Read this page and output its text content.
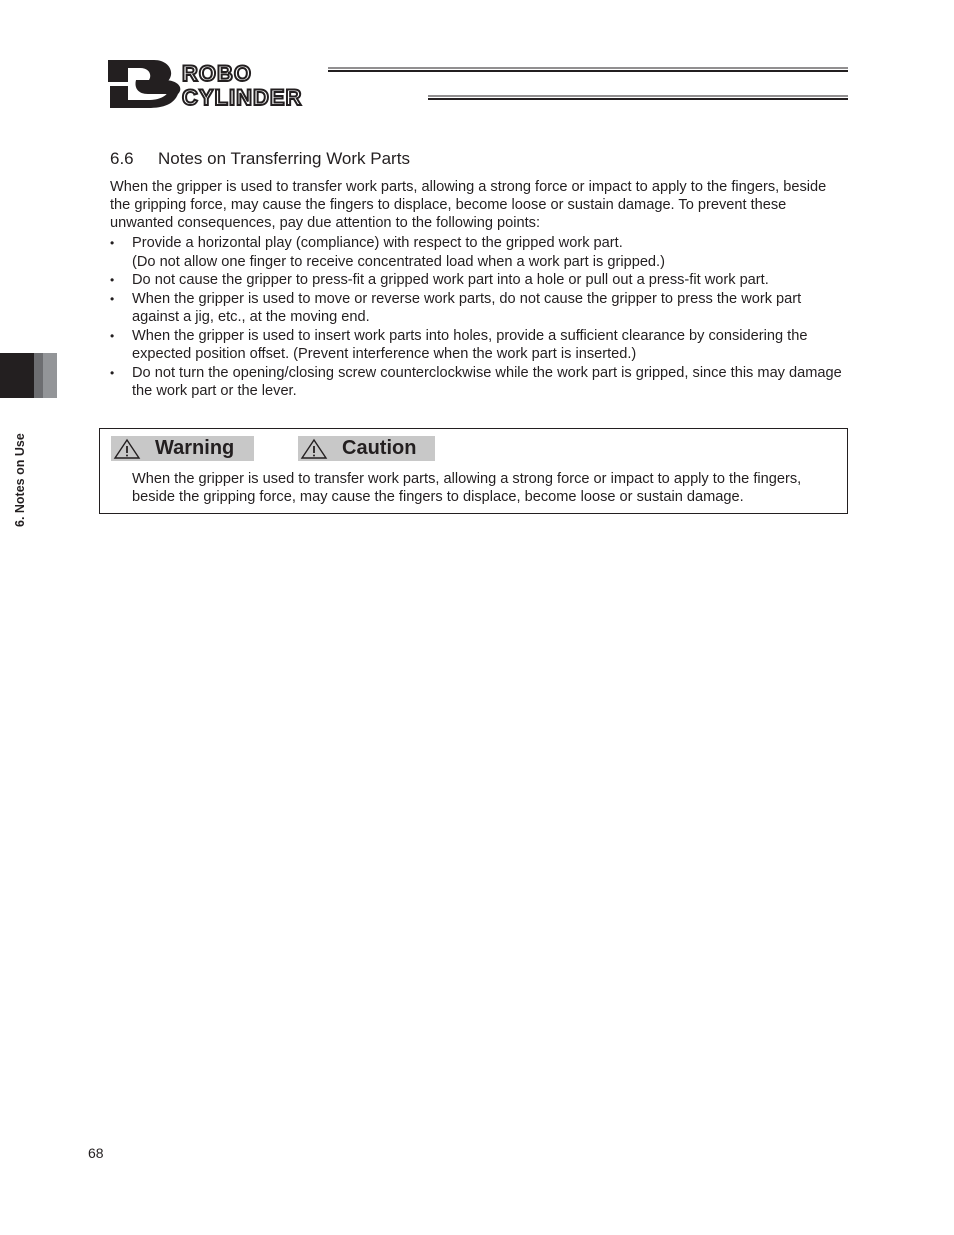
ROBO
CYLINDER
6.6 Notes on Transferring Work Parts
When the gripper is used to transfer work parts, allowing a strong force or impact to apply to the fingers, beside the gripping force, may cause the fingers to displace, become loose or sustain damage. To prevent these unwanted consequences, pay due attention to the following points:
• Provide a horizontal play (compliance) with respect to the gripped work part.
(Do not allow one finger to receive concentrated load when a work part is gripped.)
• Do not cause the gripper to press-fit a gripped work part into a hole or pull out a press-fit work part.
• When the gripper is used to move or reverse work parts, do not cause the gripper to press the work part against a jig, etc., at the moving end.
• When the gripper is used to insert work parts into holes, provide a sufficient clearance by considering the expected position offset. (Prevent interference when the work part is inserted.)
• Do not turn the opening/closing screw counterclockwise while the work part is gripped, since this may damage the work part or the lever.
6. Notes on Use	Warning	Caution
When the gripper is used to transfer work parts, allowing a strong force or impact to apply to the fingers, beside the gripping force, may cause the fingers to displace, become loose or sustain damage.
68
